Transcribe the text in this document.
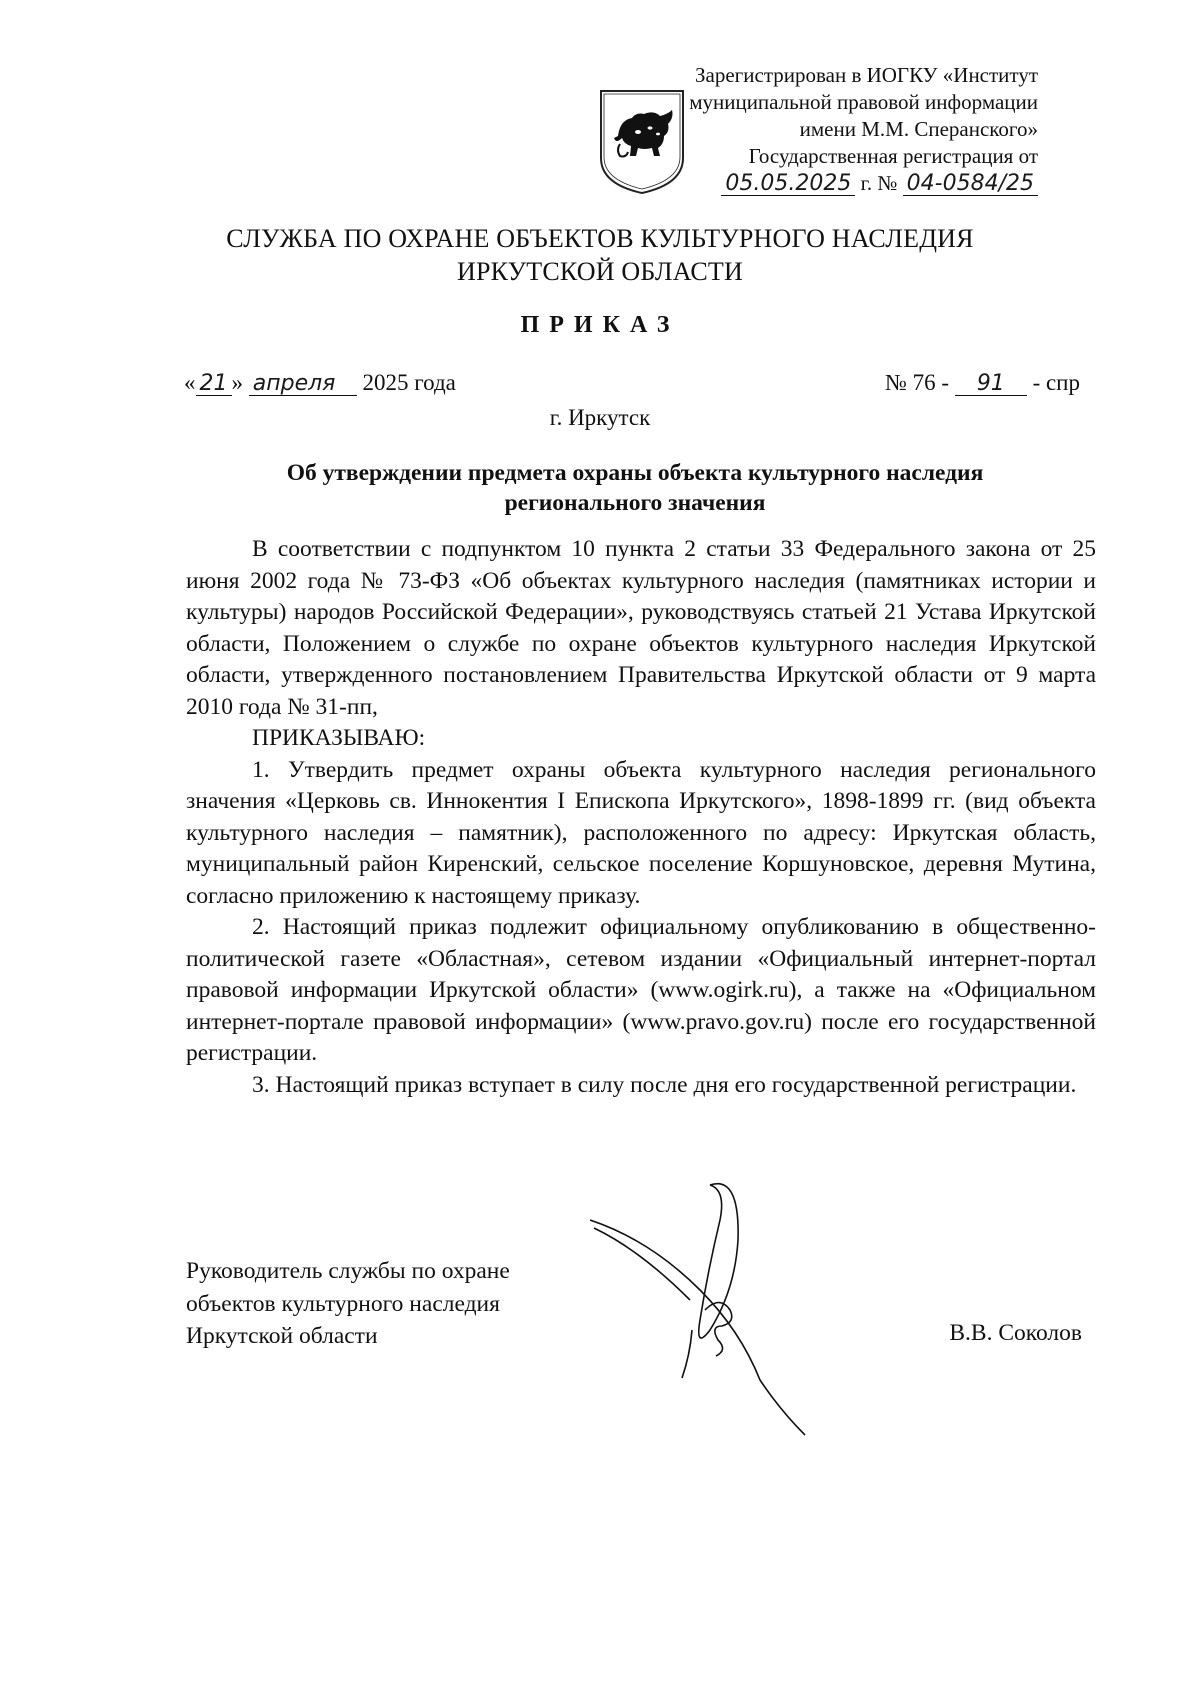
Зарегистрирован в ИОГКУ «Институт
муниципальной правовой информации
имени М.М. Сперанского»
Государственная регистрация от
05.05.2025 г. № 04-0584/25
СЛУЖБА ПО ОХРАНЕ ОБЪЕКТОВ КУЛЬТУРНОГО НАСЛЕДИЯ
ИРКУТСКОЙ ОБЛАСТИ
ПРИКАЗ
« 21 » апреля 2025 года	№ 76 - 91 - спр
г. Иркутск
Об утверждении предмета охраны объекта культурного наследия
регионального значения

В соответствии с подпунктом 10 пункта 2 статьи 33 Федерального закона от 25 июня 2002 года № 73-ФЗ «Об объектах культурного наследия (памятниках истории и культуры) народов Российской Федерации», руководствуясь статьей 21 Устава Иркутской области, Положением о службе по охране объектов культурного наследия Иркутской области, утвержденного постановлением Правительства Иркутской области от 9 марта 2010 года № 31-пп,

ПРИКАЗЫВАЮ:

1. Утвердить предмет охраны объекта культурного наследия регионального значения «Церковь св. Иннокентия I Епископа Иркутского», 1898-1899 гг. (вид объекта культурного наследия – памятник), расположенного по адресу: Иркутская область, муниципальный район Киренский, сельское поселение Коршуновское, деревня Мутина, согласно приложению к настоящему приказу.

2. Настоящий приказ подлежит официальному опубликованию в общественно-политической газете «Областная», сетевом издании «Официальный интернет-портал правовой информации Иркутской области» (www.ogirk.ru), а также на «Официальном интернет-портале правовой информации» (www.pravo.gov.ru) после его государственной регистрации.

3. Настоящий приказ вступает в силу после дня его государственной регистрации.

Руководитель службы по охране
объектов культурного наследия
Иркутской области	В.В. Соколов
